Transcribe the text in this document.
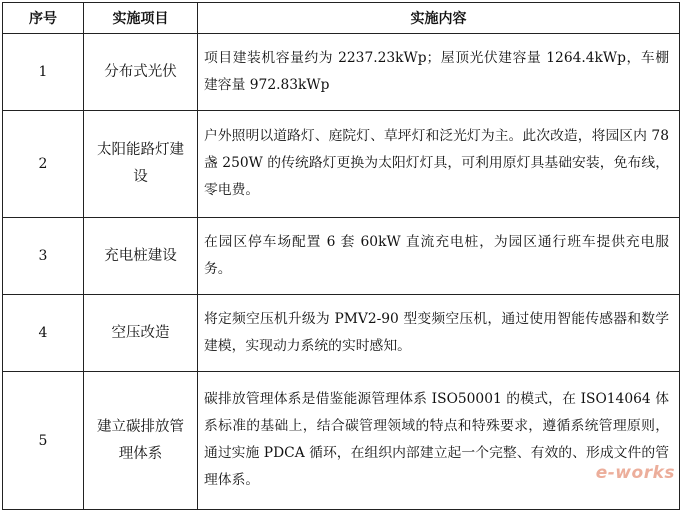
序号	实施项目	实施内容
1	分布式光伏	项目建装机容量约为 2237.23kWp；屋顶光伏建容量 1264.4kWp，车棚建容量 972.83kWp
2	太阳能路灯建设	户外照明以道路灯、庭院灯、草坪灯和泛光灯为主。此次改造，将园区内 78 盏 250W 的传统路灯更换为太阳灯灯具，可利用原灯具基础安装，免布线，零电费。
3	充电桩建设	在园区停车场配置 6 套 60kW 直流充电桩，为园区通行班车提供充电服务。
4	空压改造	将定频空压机升级为 PMV2-90 型变频空压机，通过使用智能传感器和数学建模，实现动力系统的实时感知。
5	建立碳排放管理体系	碳排放管理体系是借鉴能源管理体系 ISO50001 的模式，在 ISO14064 体系标准的基础上，结合碳管理领域的特点和特殊要求，遵循系统管理原则，通过实施 PDCA 循环，在组织内部建立起一个完整、有效的、形成文件的管理体系。	e-works
